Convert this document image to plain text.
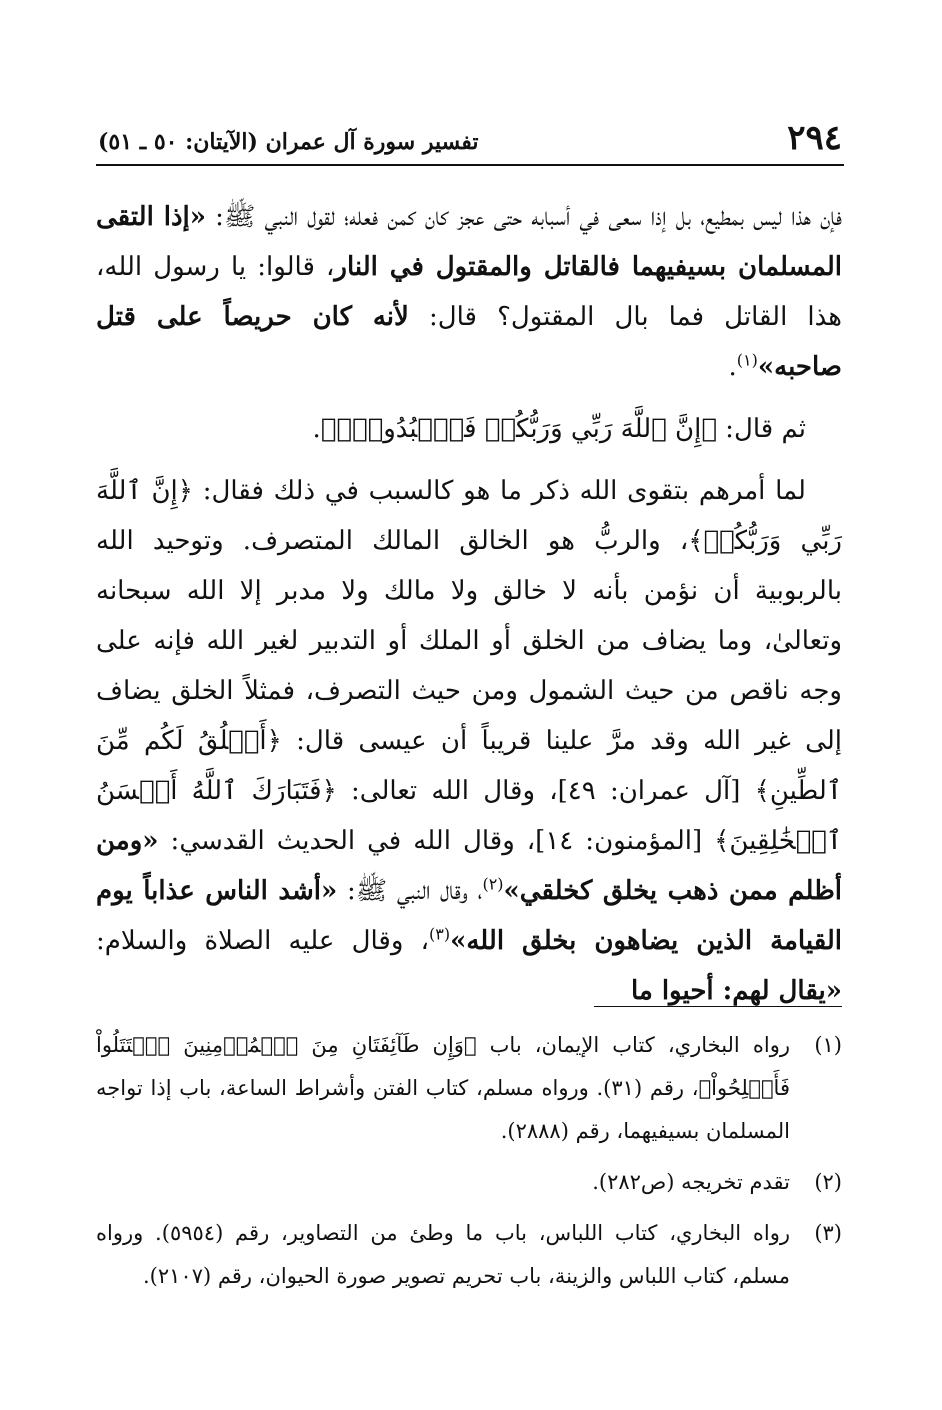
٢٩٤
تفسير سورة آل عمران (الآيتان: ٥٠ ـ ٥١)

فإن هذا ليس بمطيع، بل إذا سعى في أسبابه حتى عجز كان كمن فعله؛ لقول النبي ﷺ: «إذا التقى المسلمان بسيفيهما فالقاتل والمقتول في النار، قالوا: يا رسول الله، هذا القاتل فما بال المقتول؟ قال: لأنه كان حريصاً على قتل صاحبه»$^{(١)}$.

ثم قال: ﴿إِنَّ ٱللَّهَ رَبِّي وَرَبُّكُمۡ فَٱعۡبُدُوهُۚ﴾.

لما أمرهم بتقوى الله ذكر ما هو كالسبب في ذلك فقال: ﴿إِنَّ ٱللَّهَ رَبِّي وَرَبُّكُمۡ﴾، والربُّ هو الخالق المالك المتصرف. وتوحيد الله بالربوبية أن نؤمن بأنه لا خالق ولا مالك ولا مدبر إلا الله سبحانه وتعالىٰ، وما يضاف من الخلق أو الملك أو التدبير لغير الله فإنه على وجه ناقص من حيث الشمول ومن حيث التصرف، فمثلاً الخلق يضاف إلى غير الله وقد مرَّ علينا قريباً أن عيسى قال: ﴿أَخۡلُقُ لَكُم مِّنَ ٱلطِّينِ﴾ [آل عمران: ٤٩]، وقال الله تعالى: ﴿فَتَبَارَكَ ٱللَّهُ أَحۡسَنُ ٱلۡخَٰلِقِينَ﴾ [المؤمنون: ١٤]، وقال الله في الحديث القدسي: «ومن أظلم ممن ذهب يخلق كخلقي»$^{(٢)}$، وقال النبي ﷺ: «أشد الناس عذاباً يوم القيامة الذين يضاهون بخلق الله»$^{(٣)}$، وقال عليه الصلاة والسلام: «يقال لهم: أحيوا ما

(١)
رواه البخاري، كتاب الإيمان، باب ﴿وَإِن طَآئِفَتَانِ مِنَ ٱلۡمُؤۡمِنِينَ ٱقۡتَتَلُواْ فَأَصۡلِحُواْ﴾، رقم (٣١). ورواه مسلم، كتاب الفتن وأشراط الساعة، باب إذا تواجه المسلمان بسيفيهما، رقم (٢٨٨٨).
(٢)
تقدم تخريجه (ص٢٨٢).
(٣)
رواه البخاري، كتاب اللباس، باب ما وطئ من التصاوير، رقم (٥٩٥٤). ورواه مسلم، كتاب اللباس والزينة، باب تحريم تصوير صورة الحيوان، رقم (٢١٠٧).
